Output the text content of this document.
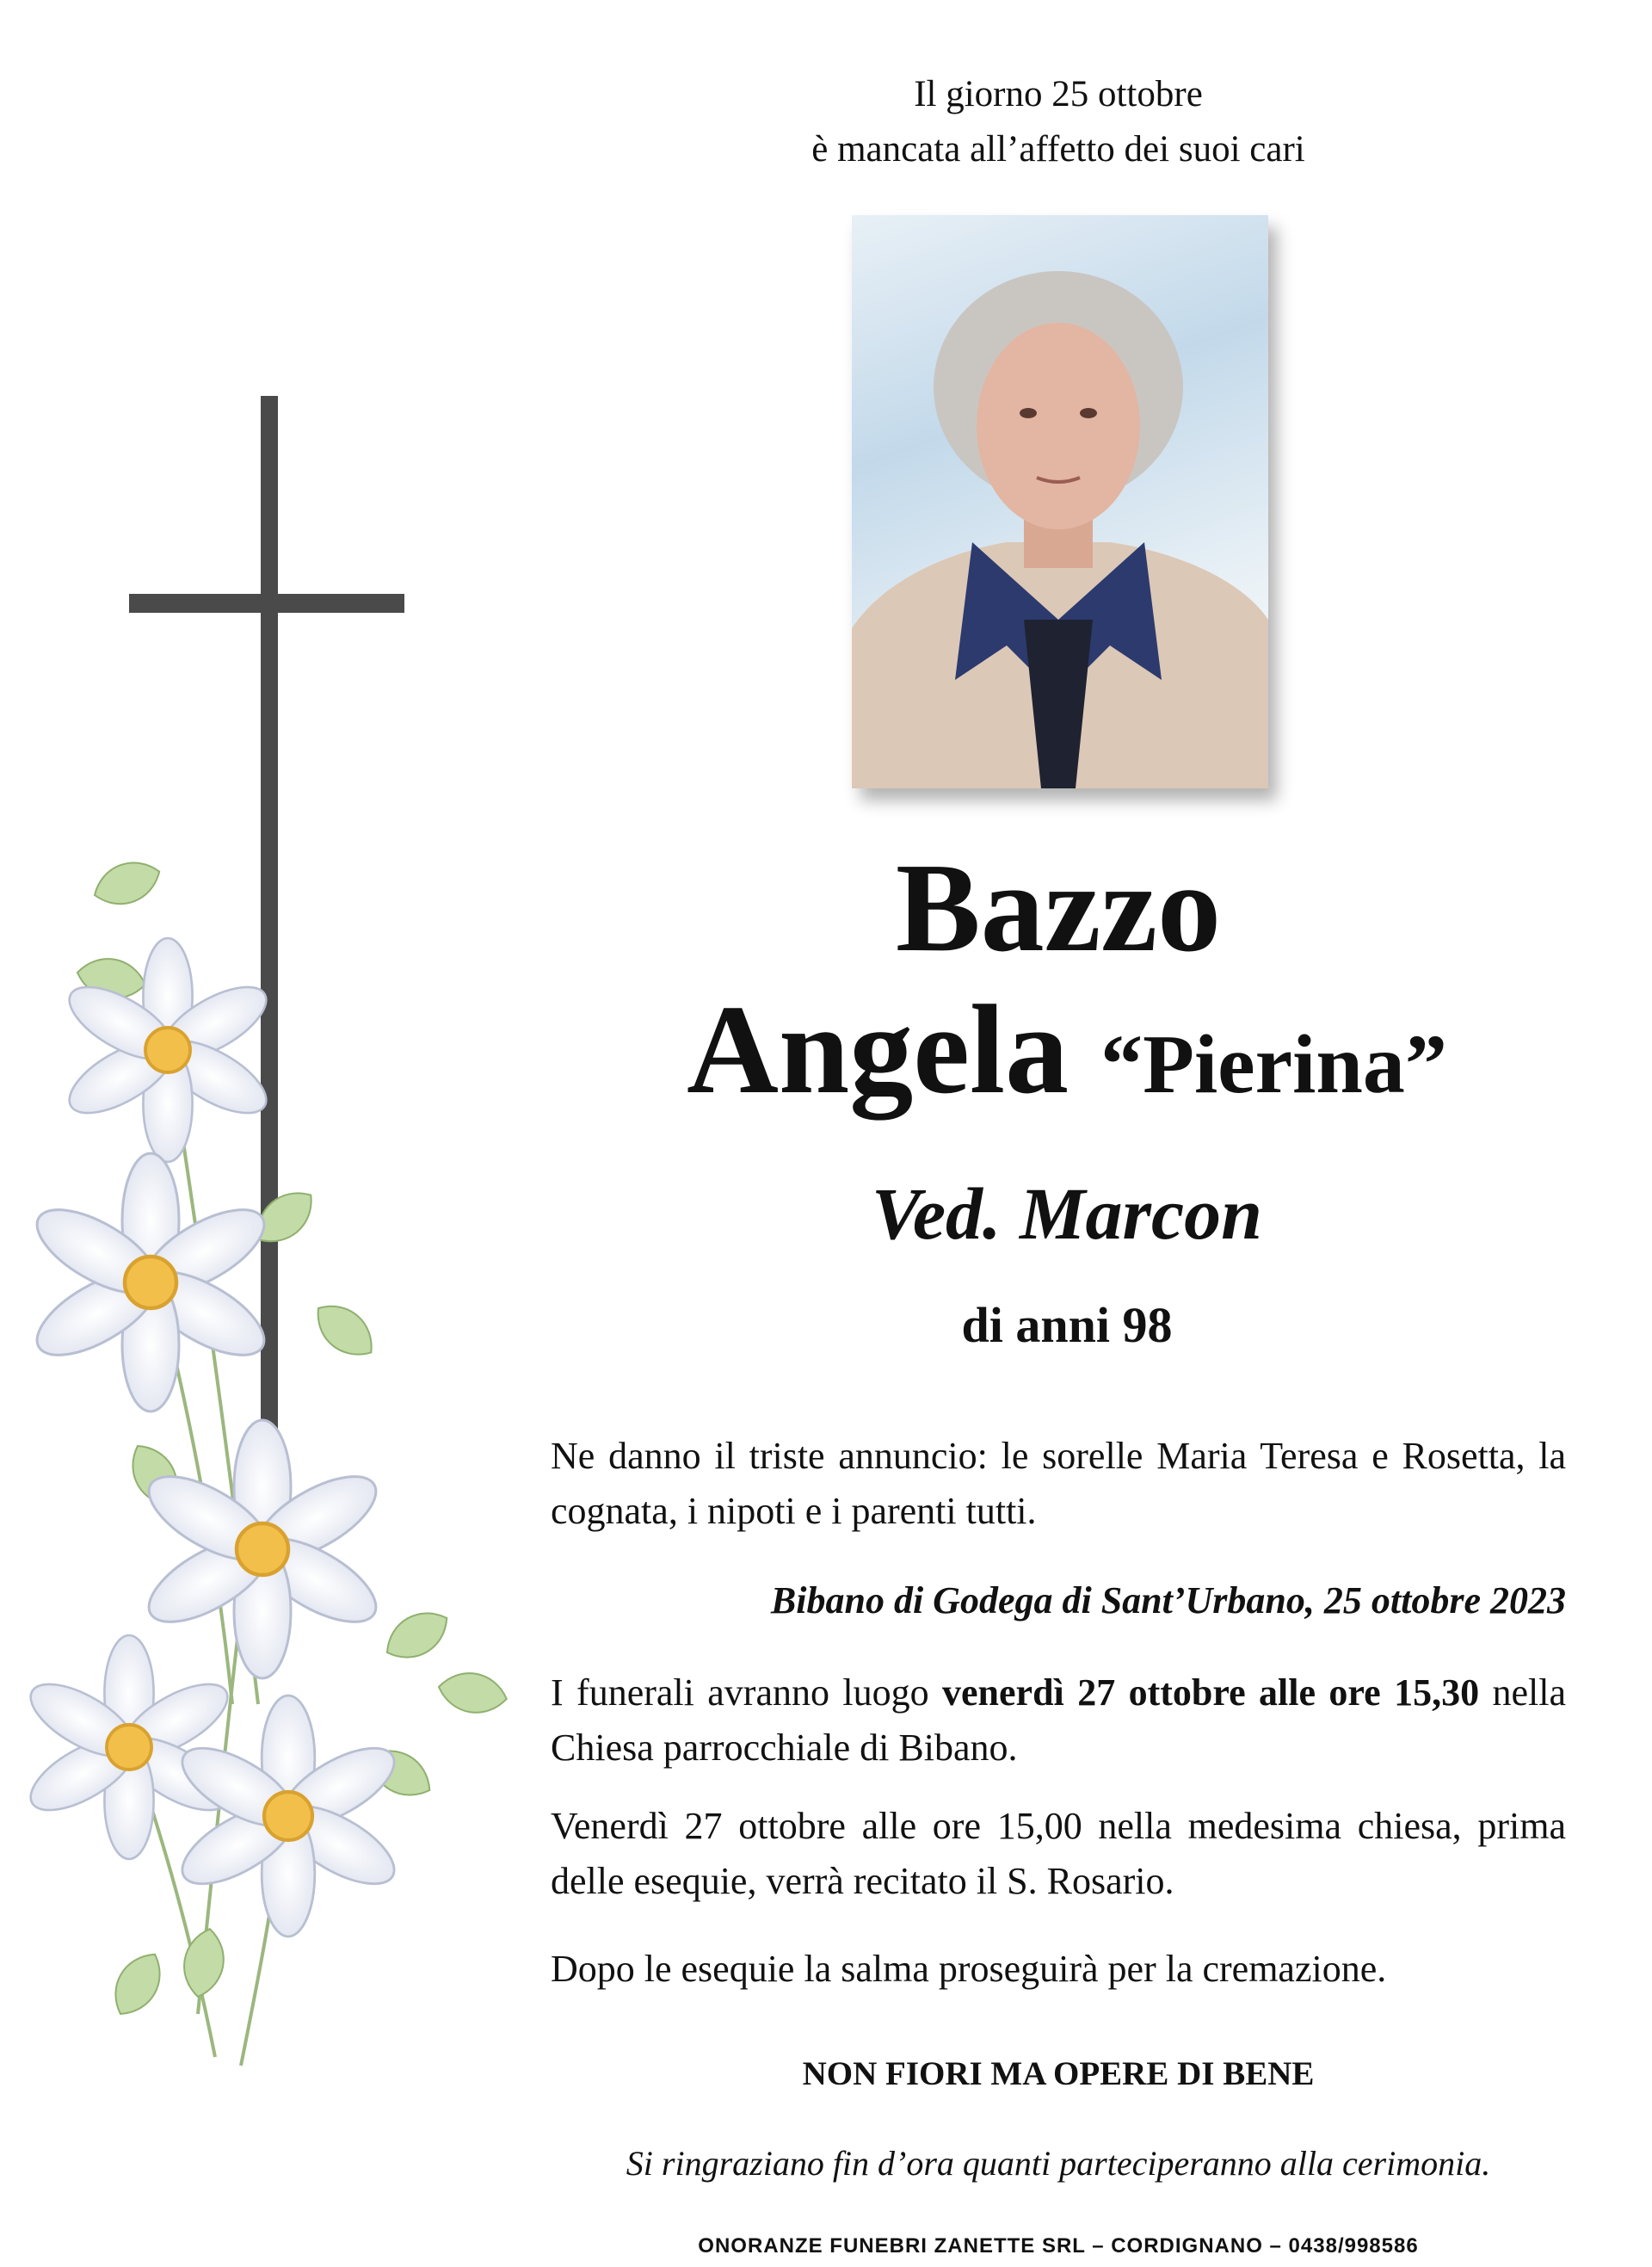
Il giorno 25 ottobre
è mancata all’affetto dei suoi cari
Bazzo
Angela “Pierina”
Ved. Marcon
di anni 98
Ne danno il triste annuncio: le sorelle Maria Teresa e Rosetta, la cognata, i nipoti e i parenti tutti.
Bibano di Godega di Sant’Urbano, 25 ottobre 2023
I funerali avranno luogo venerdì 27 ottobre alle ore 15,30 nella Chiesa parrocchiale di Bibano.
Venerdì 27 ottobre alle ore 15,00 nella medesima chiesa, prima delle esequie, verrà recitato il S. Rosario.
Dopo le esequie la salma proseguirà per la cremazione.
NON FIORI MA OPERE DI BENE
Si ringraziano fin d’ora quanti parteciperanno alla cerimonia.
ONORANZE FUNEBRI ZANETTE SRL – CORDIGNANO – 0438/998586
